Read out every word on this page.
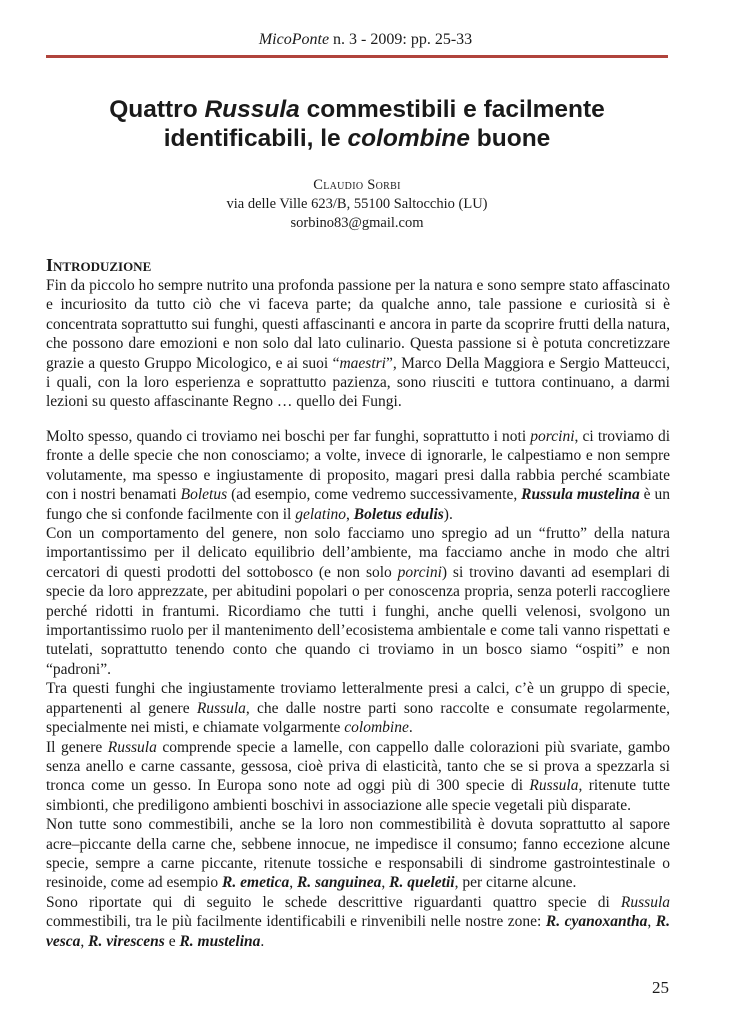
MicoPonte n. 3 - 2009: pp. 25-33
Quattro Russula commestibili e facilmente
identificabili, le colombine buone
Claudio Sorbi
via delle Ville 623/B, 55100 Saltocchio (LU)
sorbino83@gmail.com
Introduzione

Fin da piccolo ho sempre nutrito una profonda passione per la natura e sono sempre stato affascinato e incuriosito da tutto ciò che vi faceva parte; da qualche anno, tale passione e curiosità si è concentrata soprattutto sui funghi, questi affascinanti e ancora in parte da scoprire frutti della natura, che possono dare emozioni e non solo dal lato culinario. Questa passione si è potuta concretizzare grazie a questo Gruppo Micologico, e ai suoi “maestri”, Marco Della Maggiora e Sergio Matteucci, i quali, con la loro esperienza e soprattutto pazienza, sono riusciti e tuttora continuano, a darmi lezioni su questo affascinante Regno … quello dei Fungi.

Molto spesso, quando ci troviamo nei boschi per far funghi, soprattutto i noti porcini, ci troviamo di fronte a delle specie che non conosciamo; a volte, invece di ignorarle, le calpestiamo e non sempre volutamente, ma spesso e ingiustamente di proposito, magari presi dalla rabbia perché scambiate con i nostri benamati Boletus (ad esempio, come vedremo successivamente, Russula mustelina è un fungo che si confonde facilmente con il gelatino, Boletus edulis).

Con un comportamento del genere, non solo facciamo uno spregio ad un “frutto” della natura importantissimo per il delicato equilibrio dell’ambiente, ma facciamo anche in modo che altri cercatori di questi prodotti del sottobosco (e non solo porcini) si trovino davanti ad esemplari di specie da loro apprezzate, per abitudini popolari o per conoscenza propria, senza poterli raccogliere perché ridotti in frantumi. Ricordiamo che tutti i funghi, anche quelli velenosi, svolgono un importantissimo ruolo per il mantenimento dell’ecosistema ambientale e come tali vanno rispettati e tutelati, soprattutto tenendo conto che quando ci troviamo in un bosco siamo “ospiti” e non “padroni”.

Tra questi funghi che ingiustamente troviamo letteralmente presi a calci, c’è un gruppo di specie, appartenenti al genere Russula, che dalle nostre parti sono raccolte e consumate regolarmente, specialmente nei misti, e chiamate volgarmente colombine.

Il genere Russula comprende specie a lamelle, con cappello dalle colorazioni più svariate, gambo senza anello e carne cassante, gessosa, cioè priva di elasticità, tanto che se si prova a spezzarla si tronca come un gesso. In Europa sono note ad oggi più di 300 specie di Russula, ritenute tutte simbionti, che prediligono ambienti boschivi in associazione alle specie vegetali più disparate.

Non tutte sono commestibili, anche se la loro non commestibilità è dovuta soprattutto al sapore acre–piccante della carne che, sebbene innocue, ne impedisce il consumo; fanno eccezione alcune specie, sempre a carne piccante, ritenute tossiche e responsabili di sindrome gastrointestinale o resinoide, come ad esempio R. emetica, R. sanguinea, R. queletii, per citarne alcune.

Sono riportate qui di seguito le schede descrittive riguardanti quattro specie di Russula commestibili, tra le più facilmente identificabili e rinvenibili nelle nostre zone: R. cyanoxantha, R. vesca, R. virescens e R. mustelina.

25
